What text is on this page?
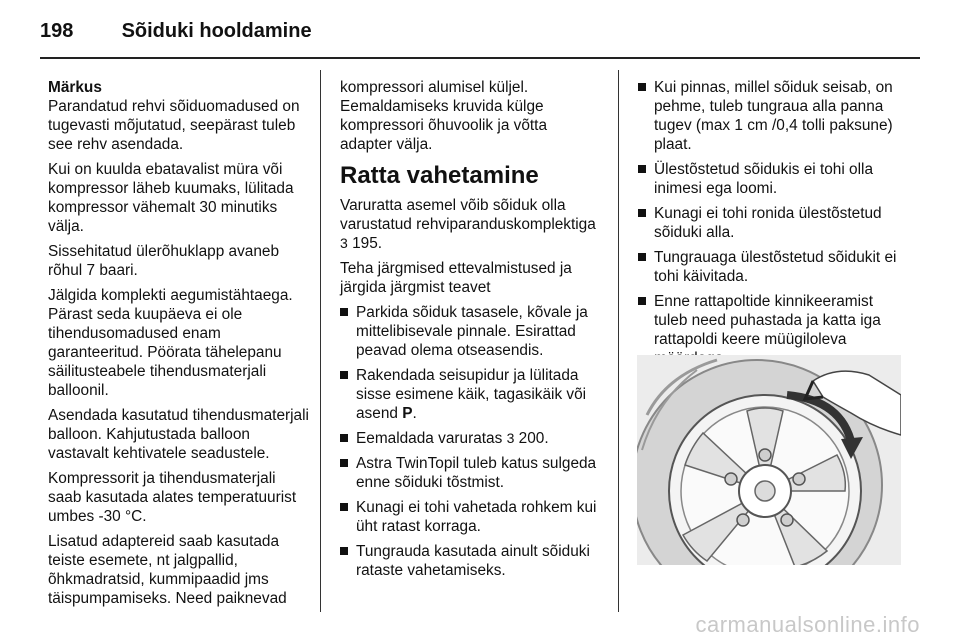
198 Sõiduki hooldamine

Märkus

Parandatud rehvi sõiduomadused on tugevasti mõjutatud, seepärast tuleb see rehv asendada.

Kui on kuulda ebatavalist müra või kompressor läheb kuumaks, lülitada kompressor vähemalt 30 minutiks välja.

Sissehitatud ülerõhuklapp avaneb rõhul 7 baari.

Jälgida komplekti aegumistähtaega. Pärast seda kuupäeva ei ole tihendusomadused enam garanteeritud. Pöörata tähelepanu säilitusteabele tihendusmaterjali balloonil.

Asendada kasutatud tihendusmaterjali balloon. Kahjutustada balloon vastavalt kehtivatele seadustele.

Kompressorit ja tihendusmaterjali saab kasutada alates temperatuurist umbes -30 °C.

Lisatud adaptereid saab kasutada teiste esemete, nt jalgpallid, õhkmadratsid, kummipaadid jms täispumpamiseks. Need paiknevad

kompressori alumisel küljel. Eemaldamiseks kruvida külge kompressori õhuvoolik ja võtta adapter välja.

Ratta vahetamine

Varuratta asemel võib sõiduk olla varustatud rehviparanduskomplektiga 3 195.

Teha järgmised ettevalmistused ja järgida järgmist teavet

Parkida sõiduk tasasele, kõvale ja mittelibisevale pinnale. Esirattad peavad olema otseasendis.
Rakendada seisupidur ja lülitada sisse esimene käik, tagasikäik või asend P.
Eemaldada varuratas 3 200.
Astra TwinTopil tuleb katus sulgeda enne sõiduki tõstmist.
Kunagi ei tohi vahetada rohkem kui üht ratast korraga.
Tungrauda kasutada ainult sõiduki rataste vahetamiseks.
Kui pinnas, millel sõiduk seisab, on pehme, tuleb tungraua alla panna tugev (max 1 cm /0,4 tolli paksune) plaat.
Ülestõstetud sõidukis ei tohi olla inimesi ega loomi.
Kunagi ei tohi ronida ülestõstetud sõiduki alla.
Tungrauaga ülestõstetud sõidukit ei tohi käivitada.
Enne rattapoltide kinnikeeramist tuleb need puhastada ja katta iga rattapoldi keere müügiloleva
carmanualsonline.info
